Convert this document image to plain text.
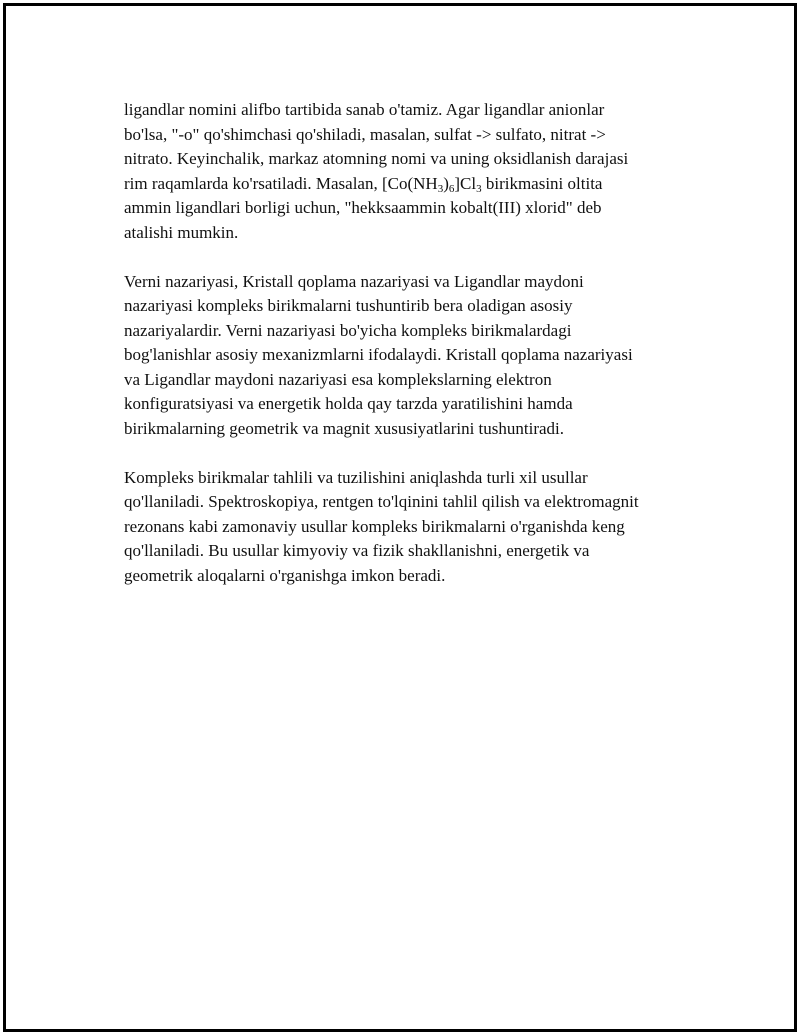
ligandlar nomini alifbo tartibida sanab o'tamiz. Agar ligandlar anionlar
bo'lsa, "-o" qo'shimchasi qo'shiladi, masalan, sulfat -> sulfato, nitrat ->
nitrato. Keyinchalik, markaz atomning nomi va uning oksidlanish darajasi
rim raqamlarda ko'rsatiladi. Masalan, $[Co(NH_3)_6]Cl_3$ birikmasini oltita
ammin ligandlari borligi uchun, "hekksaammin kobalt(III) xlorid" deb
atalishi mumkin.

Verni nazariyasi, Kristall qoplama nazariyasi va Ligandlar maydoni
nazariyasi kompleks birikmalarni tushuntirib bera oladigan asosiy
nazariyalardir. Verni nazariyasi bo'yicha kompleks birikmalardagi
bog'lanishlar asosiy mexanizmlarni ifodalaydi. Kristall qoplama nazariyasi
va Ligandlar maydoni nazariyasi esa komplekslarning elektron
konfiguratsiyasi va energetik holda qay tarzda yaratilishini hamda
birikmalarning geometrik va magnit xususiyatlarini tushuntiradi.

Kompleks birikmalar tahlili va tuzilishini aniqlashda turli xil usullar
qo'llaniladi. Spektroskopiya, rentgen to'lqinini tahlil qilish va elektromagnit
rezonans kabi zamonaviy usullar kompleks birikmalarni o'rganishda keng
qo'llaniladi. Bu usullar kimyoviy va fizik shakllanishni, energetik va
geometrik aloqalarni o'rganishga imkon beradi.
